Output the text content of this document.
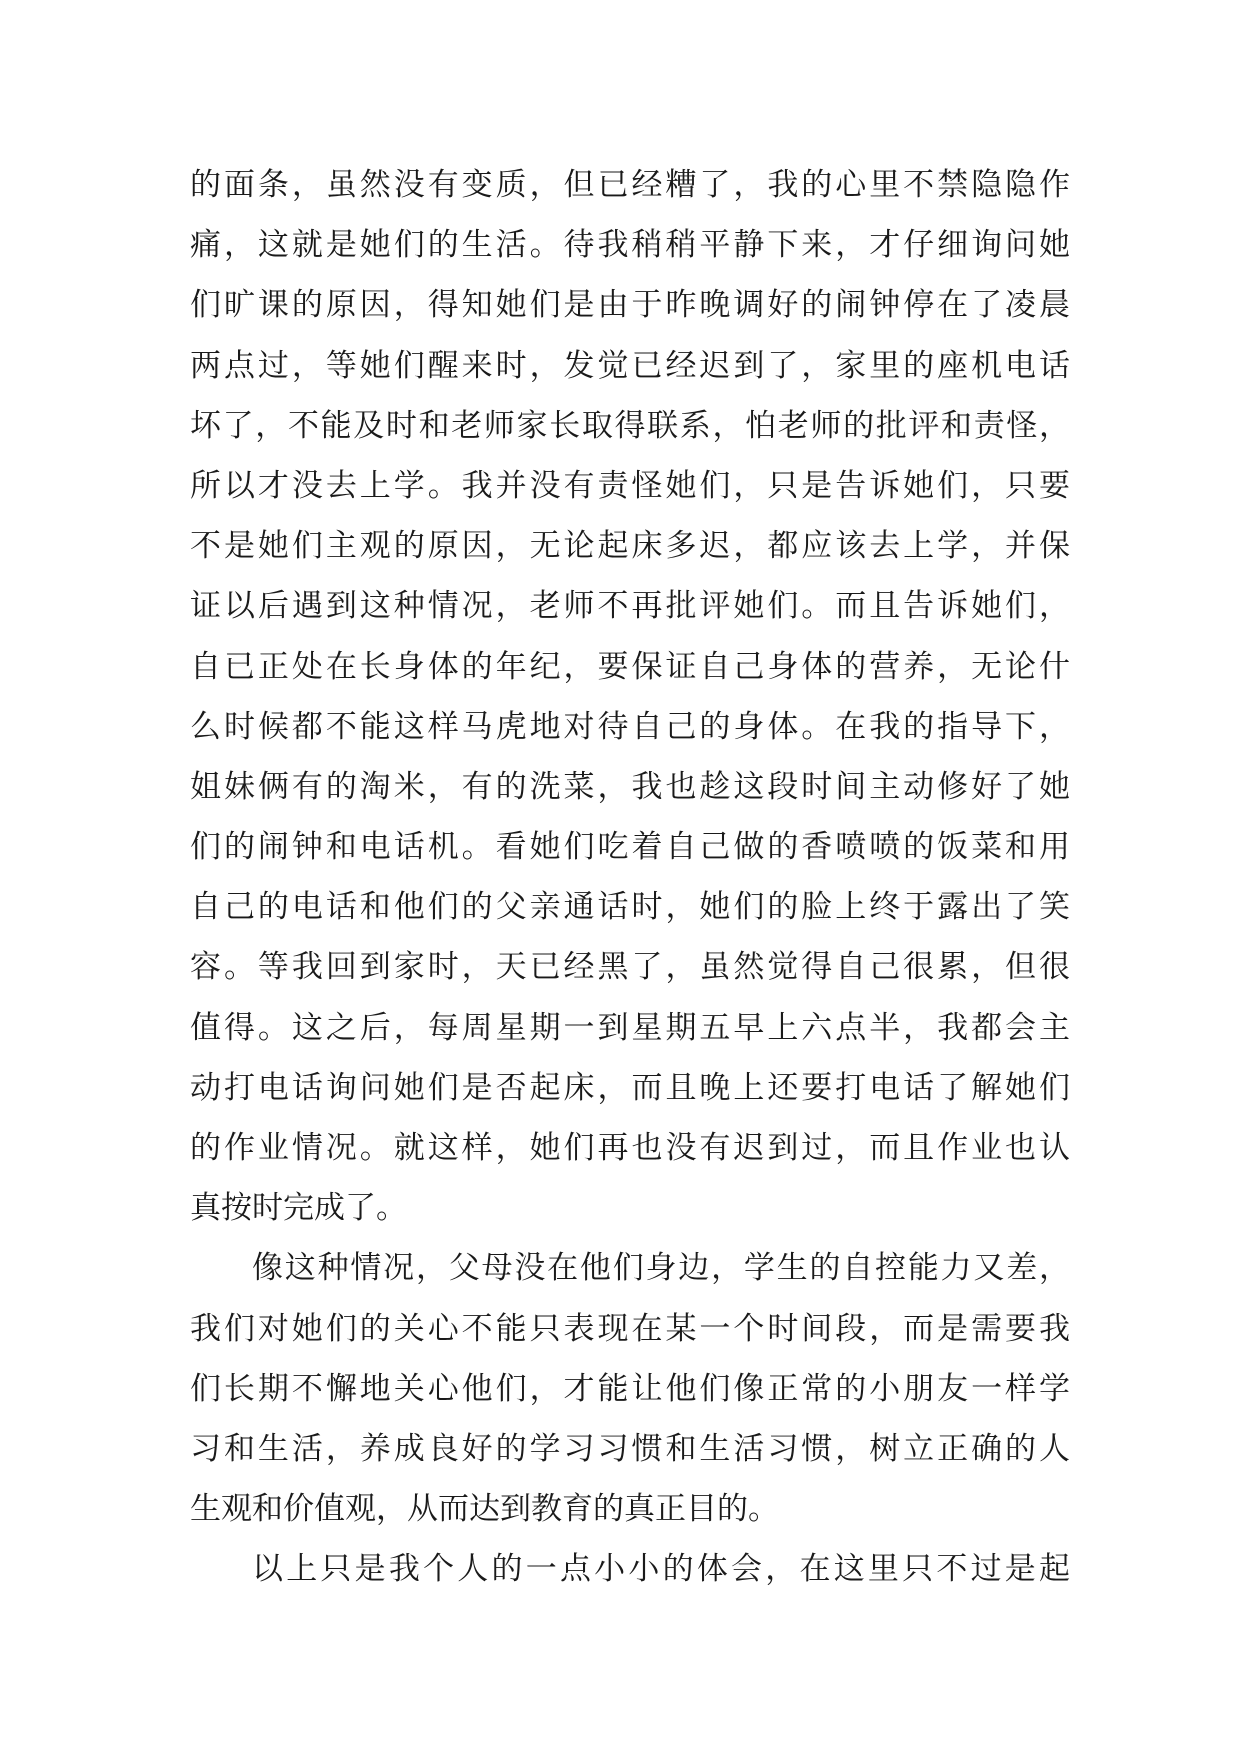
的面条，虽然没有变质，但已经糟了，我的心里不禁隐隐作
痛，这就是她们的生活。待我稍稍平静下来，才仔细询问她
们旷课的原因，得知她们是由于昨晚调好的闹钟停在了凌晨
两点过，等她们醒来时，发觉已经迟到了，家里的座机电话
坏了，不能及时和老师家长取得联系，怕老师的批评和责怪，
所以才没去上学。我并没有责怪她们，只是告诉她们，只要
不是她们主观的原因，无论起床多迟，都应该去上学，并保
证以后遇到这种情况，老师不再批评她们。而且告诉她们，
自已正处在长身体的年纪，要保证自己身体的营养，无论什
么时候都不能这样马虎地对待自己的身体。在我的指导下，
姐妹俩有的淘米，有的洗菜，我也趁这段时间主动修好了她
们的闹钟和电话机。看她们吃着自己做的香喷喷的饭菜和用
自己的电话和他们的父亲通话时，她们的脸上终于露出了笑
容。等我回到家时，天已经黑了，虽然觉得自己很累，但很
值得。这之后，每周星期一到星期五早上六点半，我都会主
动打电话询问她们是否起床，而且晚上还要打电话了解她们
的作业情况。就这样，她们再也没有迟到过，而且作业也认
真按时完成了。
像这种情况，父母没在他们身边，学生的自控能力又差，
我们对她们的关心不能只表现在某一个时间段，而是需要我
们长期不懈地关心他们，才能让他们像正常的小朋友一样学
习和生活，养成良好的学习习惯和生活习惯，树立正确的人
生观和价值观，从而达到教育的真正目的。
以上只是我个人的一点小小的体会，在这里只不过是起
